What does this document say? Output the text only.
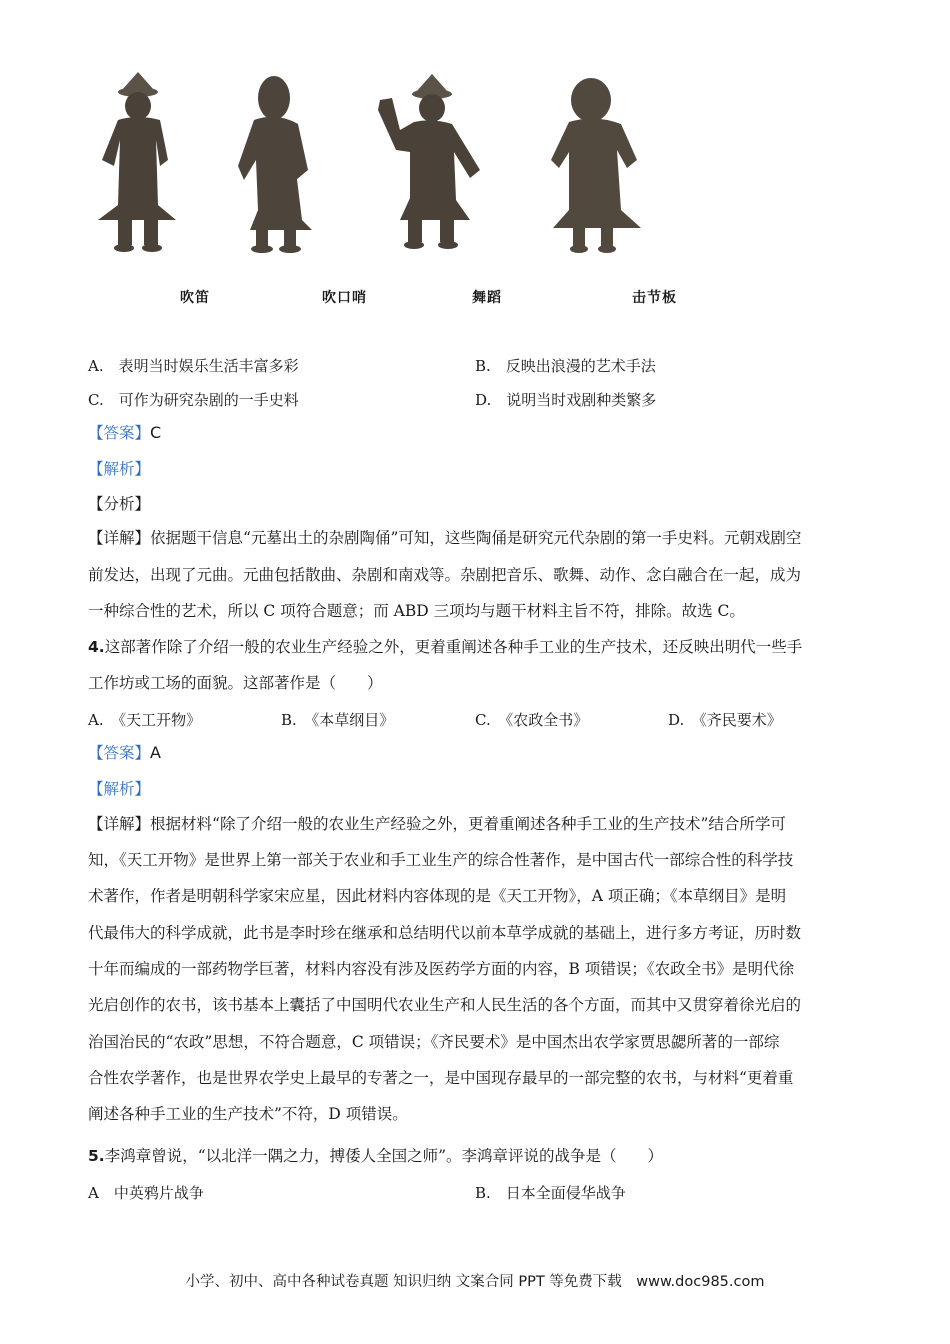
吹笛	吹口哨	舞蹈	击节板
A.　表明当时娱乐生活丰富多彩	B.　反映出浪漫的艺术手法
C.　可作为研究杂剧的一手史料	D.　说明当时戏剧种类繁多
【答案】C
【解析】
【分析】
【详解】依据题干信息“元墓出土的杂剧陶俑”可知，这些陶俑是研究元代杂剧的第一手史料。元朝戏剧空
前发达，出现了元曲。元曲包括散曲、杂剧和南戏等。杂剧把音乐、歌舞、动作、念白融合在一起，成为
一种综合性的艺术，所以 C 项符合题意；而 ABD 三项均与题干材料主旨不符，排除。故选 C。
4.这部著作除了介绍一般的农业生产经验之外，更着重阐述各种手工业的生产技术，还反映出明代一些手
工作坊或工场的面貌。这部著作是（　　）
A.　《天工开物》	B.　《本草纲目》	C.　《农政全书》	D.　《齐民要术》
【答案】A
【解析】
【详解】根据材料“除了介绍一般的农业生产经验之外，更着重阐述各种手工业的生产技术”结合所学可
知，《天工开物》是世界上第一部关于农业和手工业生产的综合性著作，是中国古代一部综合性的科学技
术著作，作者是明朝科学家宋应星，因此材料内容体现的是《天工开物》，A 项正确；《本草纲目》是明
代最伟大的科学成就，此书是李时珍在继承和总结明代以前本草学成就的基础上，进行多方考证，历时数
十年而编成的一部药物学巨著，材料内容没有涉及医药学方面的内容，B 项错误；《农政全书》是明代徐
光启创作的农书，该书基本上囊括了中国明代农业生产和人民生活的各个方面，而其中又贯穿着徐光启的
治国治民的“农政”思想，不符合题意，C 项错误；《齐民要术》是中国杰出农学家贾思勰所著的一部综
合性农学著作，也是世界农学史上最早的专著之一，是中国现存最早的一部完整的农书，与材料“更着重
阐述各种手工业的生产技术”不符，D 项错误。
5.李鸿章曾说，“以北洋一隅之力，搏倭人全国之师”。李鸿章评说的战争是（　　）
A　中英鸦片战争	B.　日本全面侵华战争
小学、初中、高中各种试卷真题 知识归纳 文案合同 PPT 等免费下载　www.doc985.com
